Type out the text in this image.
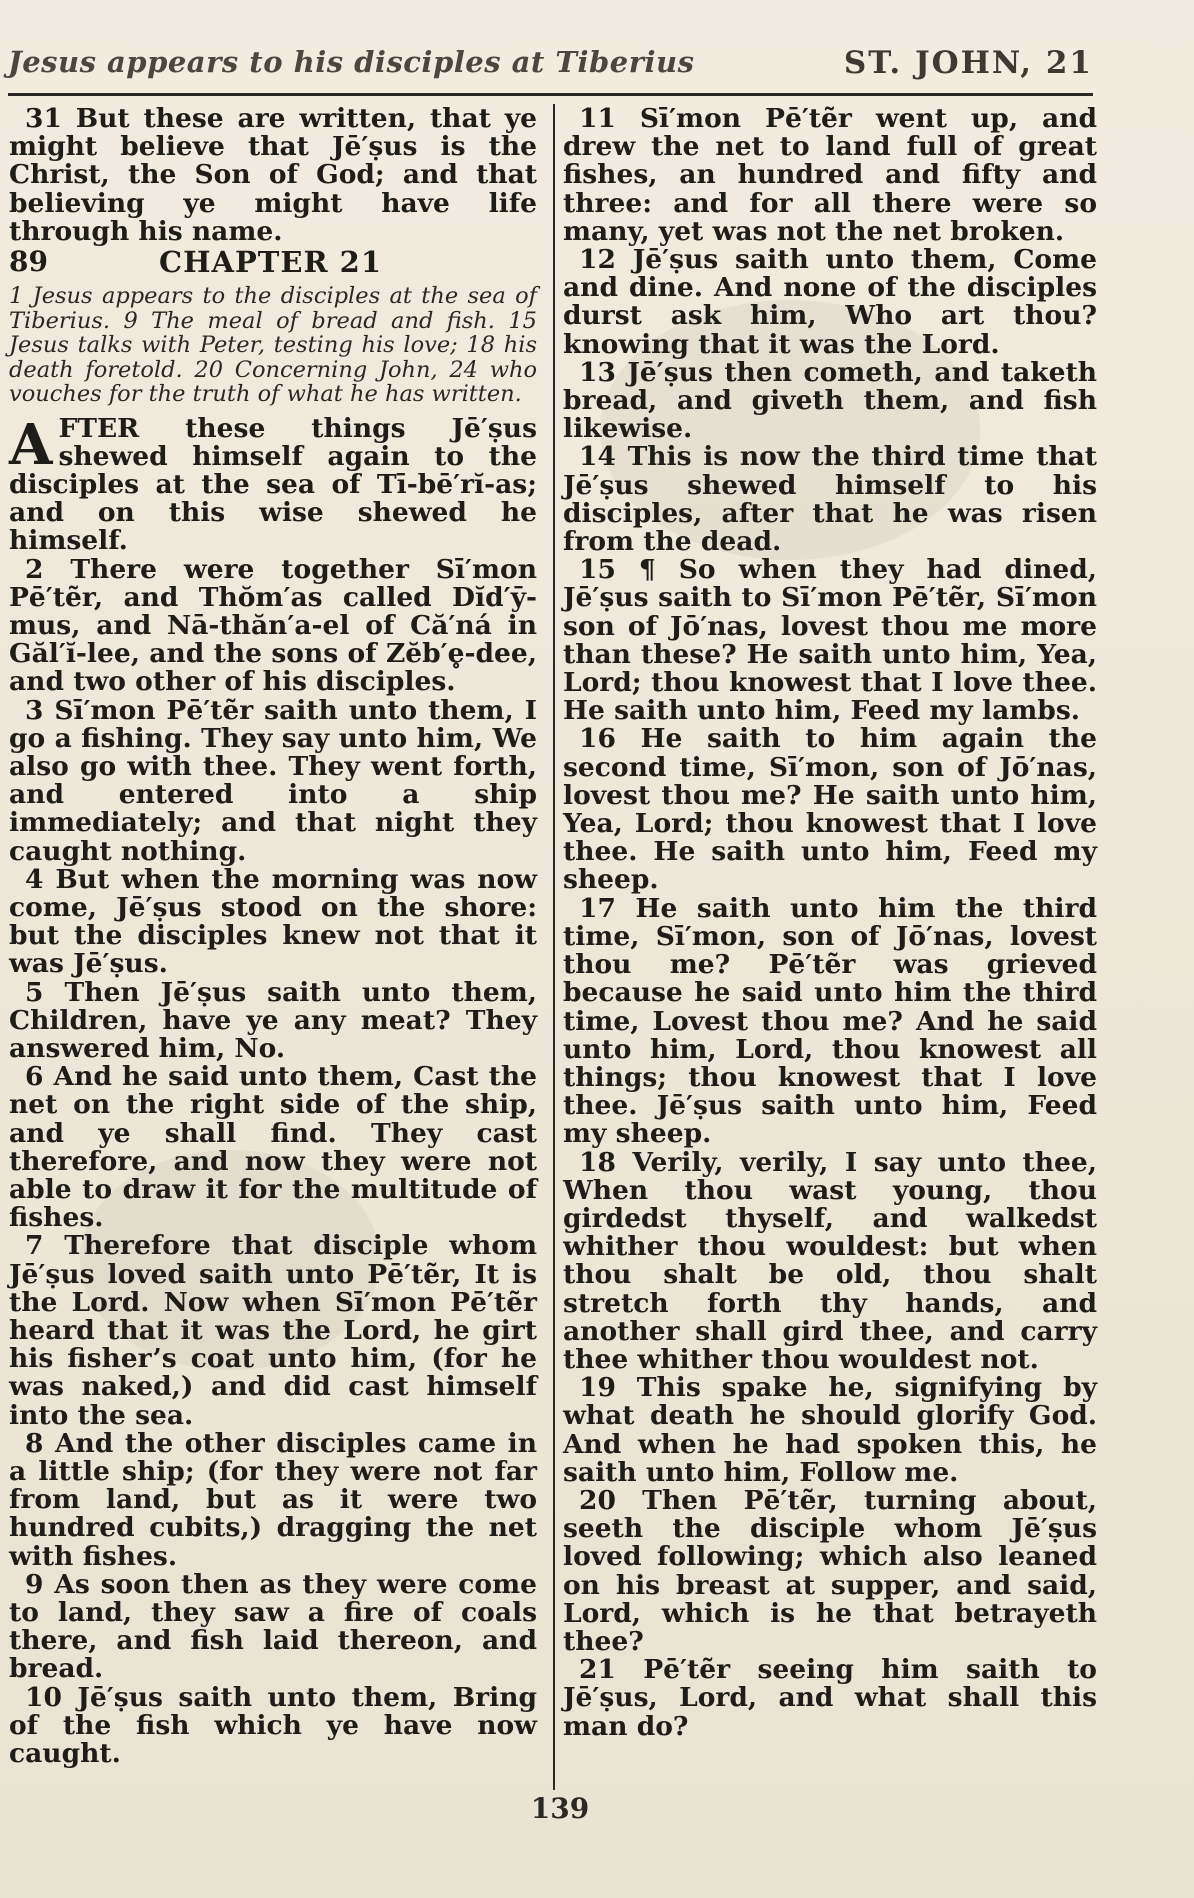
Jesus appears to his disciples at Tiberius	ST. JOHN, 21

31 But these are written, that ye might believe that Jē′ṣus is the Christ, the Son of God; and that believing ye might have life through his name.

89	CHAPTER 21
1 Jesus appears to the disciples at the sea of Tiberius. 9 The meal of bread and fish. 15 Jesus talks with Peter, testing his love; 18 his death foretold. 20 Concerning John, 24 who vouches for the truth of what he has written.

AFTER these things Jē′ṣus shewed himself again to the disciples at the sea of Tī-bē′rĭ-as; and on this wise shewed he himself.

2 There were together Sī′mon Pē′tẽr, and Thŏm′as called Dĭd′ȳ-mus, and Nā-thăn′a-el of Că′ná in Găl′ĭ-lee, and the sons of Zĕb′e̥-dee, and two other of his disciples.

3 Sī′mon Pē′tẽr saith unto them, I go a fishing. They say unto him, We also go with thee. They went forth, and entered into a ship immediately; and that night they caught nothing.

4 But when the morning was now come, Jē′ṣus stood on the shore: but the disciples knew not that it was Jē′ṣus.

5 Then Jē′ṣus saith unto them, Children, have ye any meat? They answered him, No.

6 And he said unto them, Cast the net on the right side of the ship, and ye shall find. They cast therefore, and now they were not able to draw it for the multitude of fishes.

7 Therefore that disciple whom Jē′ṣus loved saith unto Pē′tẽr, It is the Lord. Now when Sī′mon Pē′tẽr heard that it was the Lord, he girt his fisher’s coat unto him, (for he was naked,) and did cast himself into the sea.

8 And the other disciples came in a little ship; (for they were not far from land, but as it were two hundred cubits,) dragging the net with fishes.

9 As soon then as they were come to land, they saw a fire of coals there, and fish laid thereon, and bread.

10 Jē′ṣus saith unto them, Bring of the fish which ye have now caught.

11 Sī′mon Pē′tẽr went up, and drew the net to land full of great fishes, an hundred and fifty and three: and for all there were so many, yet was not the net broken.

12 Jē′ṣus saith unto them, Come and dine. And none of the disciples durst ask him, Who art thou? knowing that it was the Lord.

13 Jē′ṣus then cometh, and taketh bread, and giveth them, and fish likewise.

14 This is now the third time that Jē′ṣus shewed himself to his disciples, after that he was risen from the dead.

15 ¶ So when they had dined, Jē′ṣus saith to Sī′mon Pē′tẽr, Sī′mon son of Jō′nas, lovest thou me more than these? He saith unto him, Yea, Lord; thou knowest that I love thee. He saith unto him, Feed my lambs.

16 He saith to him again the second time, Sī′mon, son of Jō′nas, lovest thou me? He saith unto him, Yea, Lord; thou knowest that I love thee. He saith unto him, Feed my sheep.

17 He saith unto him the third time, Sī′mon, son of Jō′nas, lovest thou me? Pē′tẽr was grieved because he said unto him the third time, Lovest thou me? And he said unto him, Lord, thou knowest all things; thou knowest that I love thee. Jē′ṣus saith unto him, Feed my sheep.

18 Verily, verily, I say unto thee, When thou wast young, thou girdedst thyself, and walkedst whither thou wouldest: but when thou shalt be old, thou shalt stretch forth thy hands, and another shall gird thee, and carry thee whither thou wouldest not.

19 This spake he, signifying by what death he should glorify God. And when he had spoken this, he saith unto him, Follow me.

20 Then Pē′tẽr, turning about, seeth the disciple whom Jē′ṣus loved following; which also leaned on his breast at supper, and said, Lord, which is he that betrayeth thee?

21 Pē′tẽr seeing him saith to Jē′ṣus, Lord, and what shall this man do?

139
